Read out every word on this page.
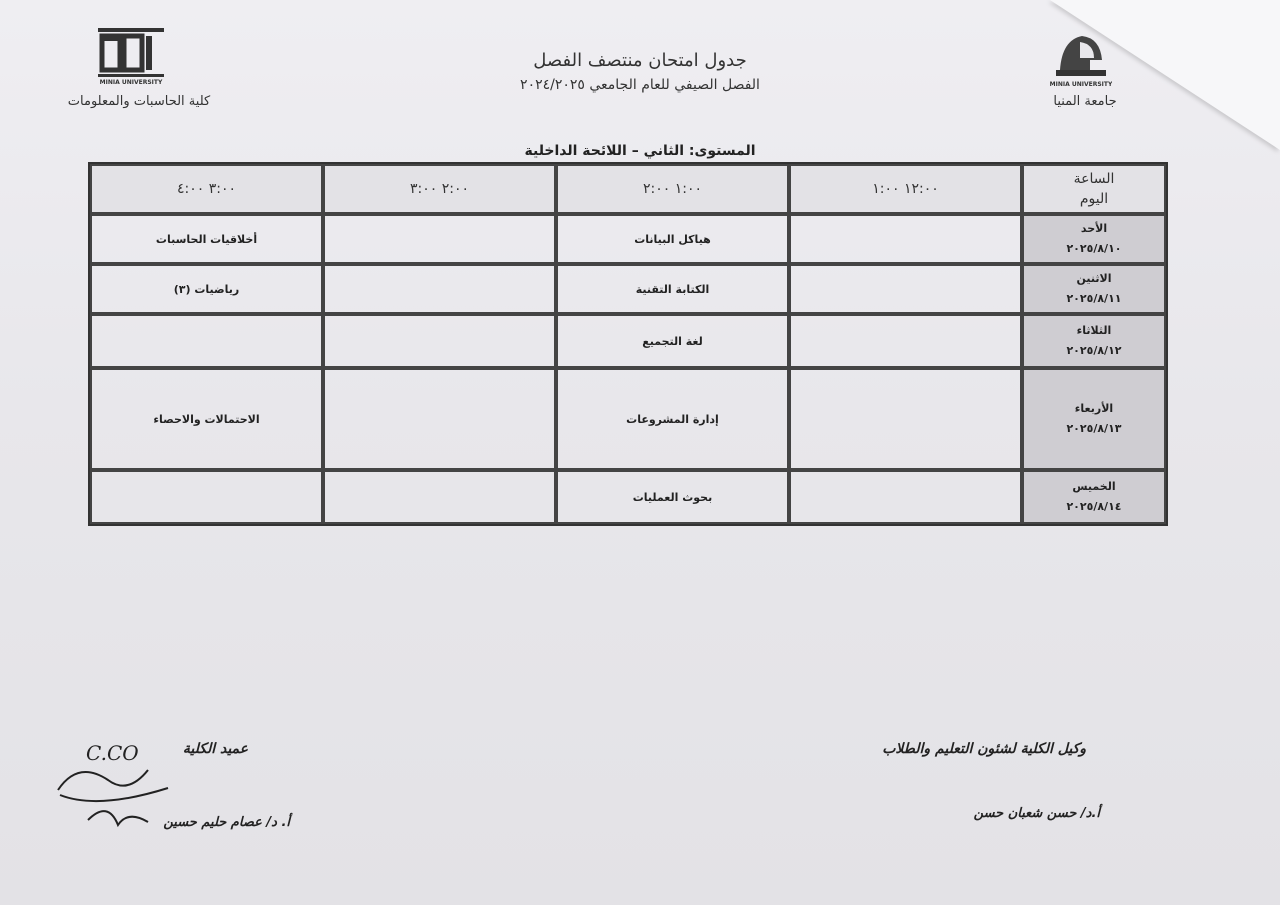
MINIA UNIVERSITY
كلية الحاسبات والمعلومات
MINIA UNIVERSITY
جامعة المنيا
جدول امتحان منتصف الفصل
الفصل الصيفي للعام الجامعي ٢٠٢٤/٢٠٢٥
المستوى: الثاني – اللائحة الداخلية
الساعة
اليوم	١٢:٠٠ ١:٠٠	١:٠٠ ٢:٠٠	٢:٠٠ ٣:٠٠	٣:٠٠ ٤:٠٠

الأحد
٢٠٢٥/٨/١٠		هياكل البيانات		أخلاقيات الحاسبات

الاثنين
٢٠٢٥/٨/١١		الكتابة التقنية		رياضيات (٣)

الثلاثاء
٢٠٢٥/٨/١٢		لغة التجميع		

الأربعاء
٢٠٢٥/٨/١٣		إدارة المشروعات		الاحتمالات والاحصاء

الخميس
٢٠٢٥/٨/١٤		بحوث العمليات		
C.CO	عميد الكلية
أ. د/ عصام حليم حسين
وكيل الكلية لشئون التعليم والطلاب
أ.د/ حسن شعبان حسن
